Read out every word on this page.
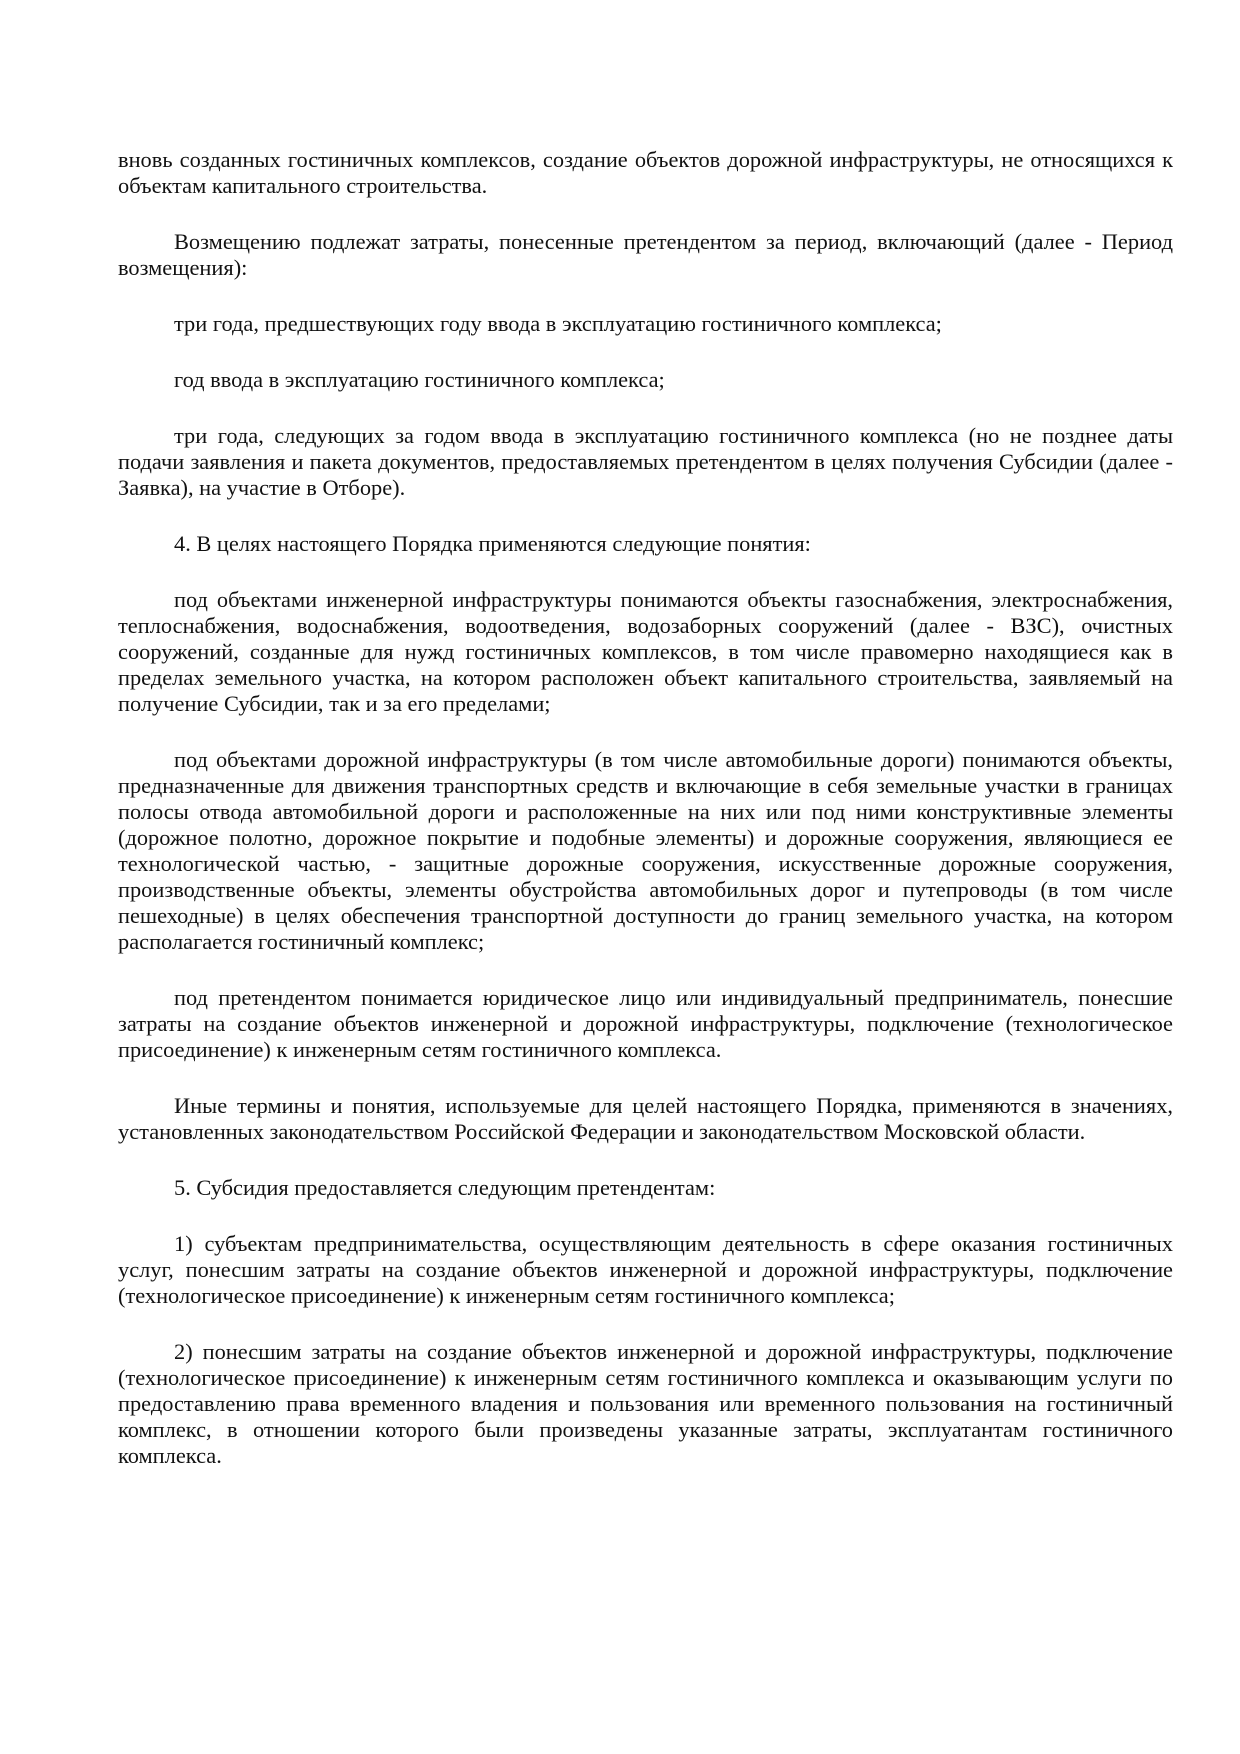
вновь созданных гостиничных комплексов, создание объектов дорожной инфраструктуры, не относящихся к объектам капитального строительства.

Возмещению подлежат затраты, понесенные претендентом за период, включающий (далее - Период возмещения):

три года, предшествующих году ввода в эксплуатацию гостиничного комплекса;

год ввода в эксплуатацию гостиничного комплекса;

три года, следующих за годом ввода в эксплуатацию гостиничного комплекса (но не позднее даты подачи заявления и пакета документов, предоставляемых претендентом в целях получения Субсидии (далее - Заявка), на участие в Отборе).

4. В целях настоящего Порядка применяются следующие понятия:

под объектами инженерной инфраструктуры понимаются объекты газоснабжения, электроснабжения, теплоснабжения, водоснабжения, водоотведения, водозаборных сооружений (далее - ВЗС), очистных сооружений, созданные для нужд гостиничных комплексов, в том числе правомерно находящиеся как в пределах земельного участка, на котором расположен объект капитального строительства, заявляемый на получение Субсидии, так и за его пределами;

под объектами дорожной инфраструктуры (в том числе автомобильные дороги) понимаются объекты, предназначенные для движения транспортных средств и включающие в себя земельные участки в границах полосы отвода автомобильной дороги и расположенные на них или под ними конструктивные элементы (дорожное полотно, дорожное покрытие и подобные элементы) и дорожные сооружения, являющиеся ее технологической частью, - защитные дорожные сооружения, искусственные дорожные сооружения, производственные объекты, элементы обустройства автомобильных дорог и путепроводы (в том числе пешеходные) в целях обеспечения транспортной доступности до границ земельного участка, на котором располагается гостиничный комплекс;

под претендентом понимается юридическое лицо или индивидуальный предприниматель, понесшие затраты на создание объектов инженерной и дорожной инфраструктуры, подключение (технологическое присоединение) к инженерным сетям гостиничного комплекса.

Иные термины и понятия, используемые для целей настоящего Порядка, применяются в значениях, установленных законодательством Российской Федерации и законодательством Московской области.

5. Субсидия предоставляется следующим претендентам:

1) субъектам предпринимательства, осуществляющим деятельность в сфере оказания гостиничных услуг, понесшим затраты на создание объектов инженерной и дорожной инфраструктуры, подключение (технологическое присоединение) к инженерным сетям гостиничного комплекса;

2) понесшим затраты на создание объектов инженерной и дорожной инфраструктуры, подключение (технологическое присоединение) к инженерным сетям гостиничного комплекса и оказывающим услуги по предоставлению права временного владения и пользования или временного пользования на гостиничный комплекс, в отношении которого были произведены указанные затраты, эксплуатантам гостиничного комплекса.
